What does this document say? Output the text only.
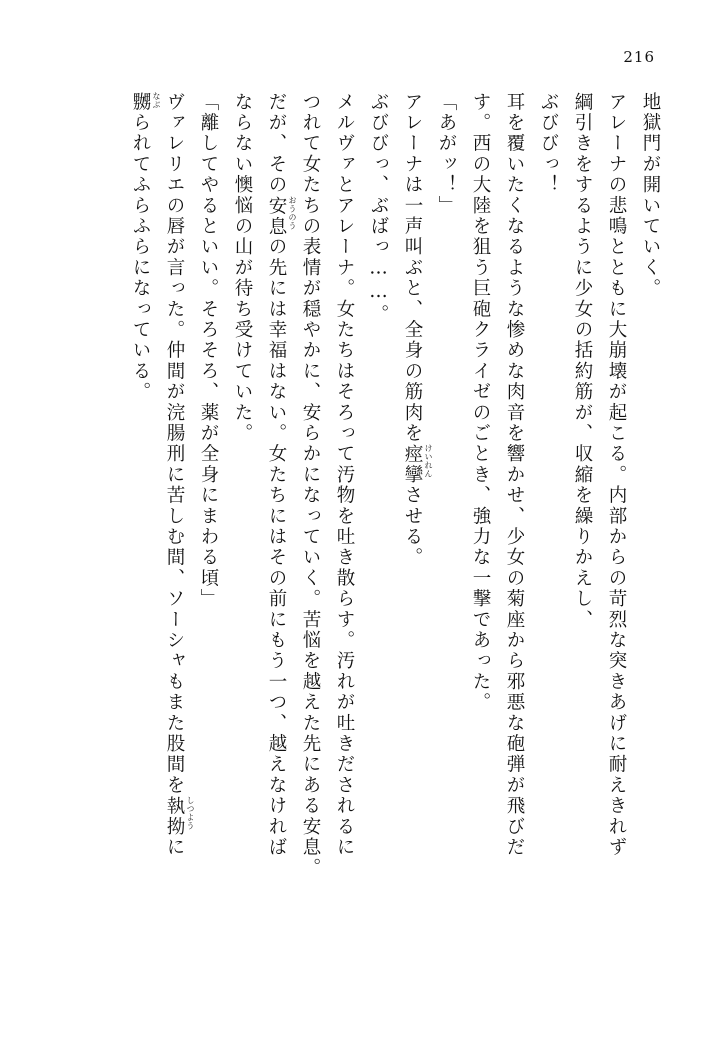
216
地獄門が開いていく。
アレーナの悲鳴とともに大崩壊が起こる。内部からの苛烈な突きあげに耐えきれず
綱引きをするように少女の括約筋が、収縮を繰りかえし、
ぶびびっ！
耳を覆いたくなるような惨めな肉音を響かせ、少女の菊座から邪悪な砲弾が飛びだ
す。西の大陸を狙う巨砲クライゼのごとき、強力な一撃であった。
「あがッ！」
アレーナは一声叫ぶと、全身の筋肉を痙攣 けいれん
させる。
ぶびびっ、ぶばっ……。
メルヴァとアレーナ。女たちはそろって汚物を吐き散らす。汚れが吐きだされるに
つれて女たちの表情が穏やかに、安らかになっていく。苦悩を越えた先にある安息。
だが、その安息 おうのう
の先には幸福はない。女たちにはその前にもう一つ、越えなければ
ならない懊悩の山が待ち受けていた。
「離してやるといい。そろそろ、薬が全身にまわる頃」
ヴァレリエの唇が言った。仲間が浣腸刑に苦しむ間、ソーシャもまた股間を執拗 しつよう
に
嬲 なぶ
られてふらふらになっている。
